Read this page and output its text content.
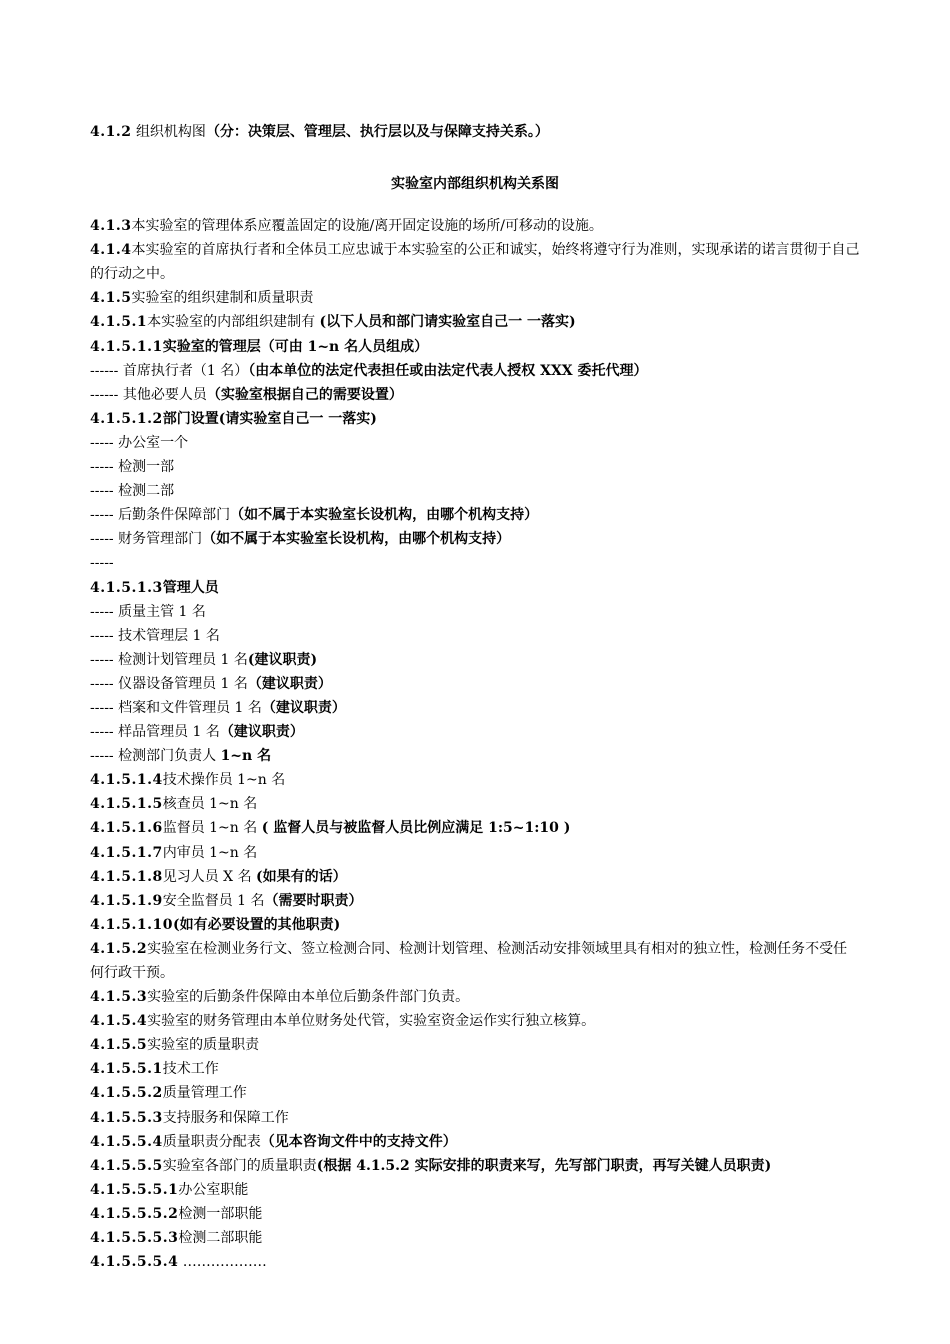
4.1.2 组织机构图（分：决策层、管理层、执行层以及与保障支持关系。）
实验室内部组织机构关系图
4.1.3本实验室的管理体系应覆盖固定的设施/离开固定设施的场所/可移动的设施。
4.1.4本实验室的首席执行者和全体员工应忠诚于本实验室的公正和诚实，始终将遵守行为准则，实现承诺的诺言贯彻于自己的行动之中。
4.1.5实验室的组织建制和质量职责
4.1.5.1本实验室的内部组织建制有 (以下人员和部门请实验室自己一 一落实)
4.1.5.1.1实验室的管理层（可由 1~n 名人员组成）
------ 首席执行者（1 名）（由本单位的法定代表担任或由法定代表人授权 XXX 委托代理）
------ 其他必要人员（实验室根据自己的需要设置）
4.1.5.1.2部门设置(请实验室自己一 一落实)
----- 办公室一个
----- 检测一部
----- 检测二部
----- 后勤条件保障部门（如不属于本实验室长设机构，由哪个机构支持）
----- 财务管理部门（如不属于本实验室长设机构，由哪个机构支持）
-----
4.1.5.1.3管理人员
----- 质量主管 1 名
----- 技术管理层 1 名
----- 检测计划管理员 1 名(建议职责)
----- 仪器设备管理员 1 名（建议职责）
----- 档案和文件管理员 1 名（建议职责）
----- 样品管理员 1 名（建议职责）
----- 检测部门负责人 1~n 名
4.1.5.1.4技术操作员 1~n 名
4.1.5.1.5核查员 1~n 名
4.1.5.1.6监督员 1~n 名 ( 监督人员与被监督人员比例应满足 1:5~1:10 )
4.1.5.1.7内审员 1~n 名
4.1.5.1.8见习人员 X 名 (如果有的话）
4.1.5.1.9安全监督员 1 名（需要时职责）
4.1.5.1.10(如有必要设置的其他职责)
4.1.5.2实验室在检测业务行文、签立检测合同、检测计划管理、检测活动安排领域里具有相对的独立性，检测任务不受任何行政干预。
4.1.5.3实验室的后勤条件保障由本单位后勤条件部门负责。
4.1.5.4实验室的财务管理由本单位财务处代管，实验室资金运作实行独立核算。
4.1.5.5实验室的质量职责
4.1.5.5.1技术工作
4.1.5.5.2质量管理工作
4.1.5.5.3支持服务和保障工作
4.1.5.5.4质量职责分配表（见本咨询文件中的支持文件）
4.1.5.5.5实验室各部门的质量职责(根据 4.1.5.2 实际安排的职责来写，先写部门职责，再写关键人员职责)
4.1.5.5.5.1办公室职能
4.1.5.5.5.2检测一部职能
4.1.5.5.5.3检测二部职能
4.1.5.5.5.4 ………………
